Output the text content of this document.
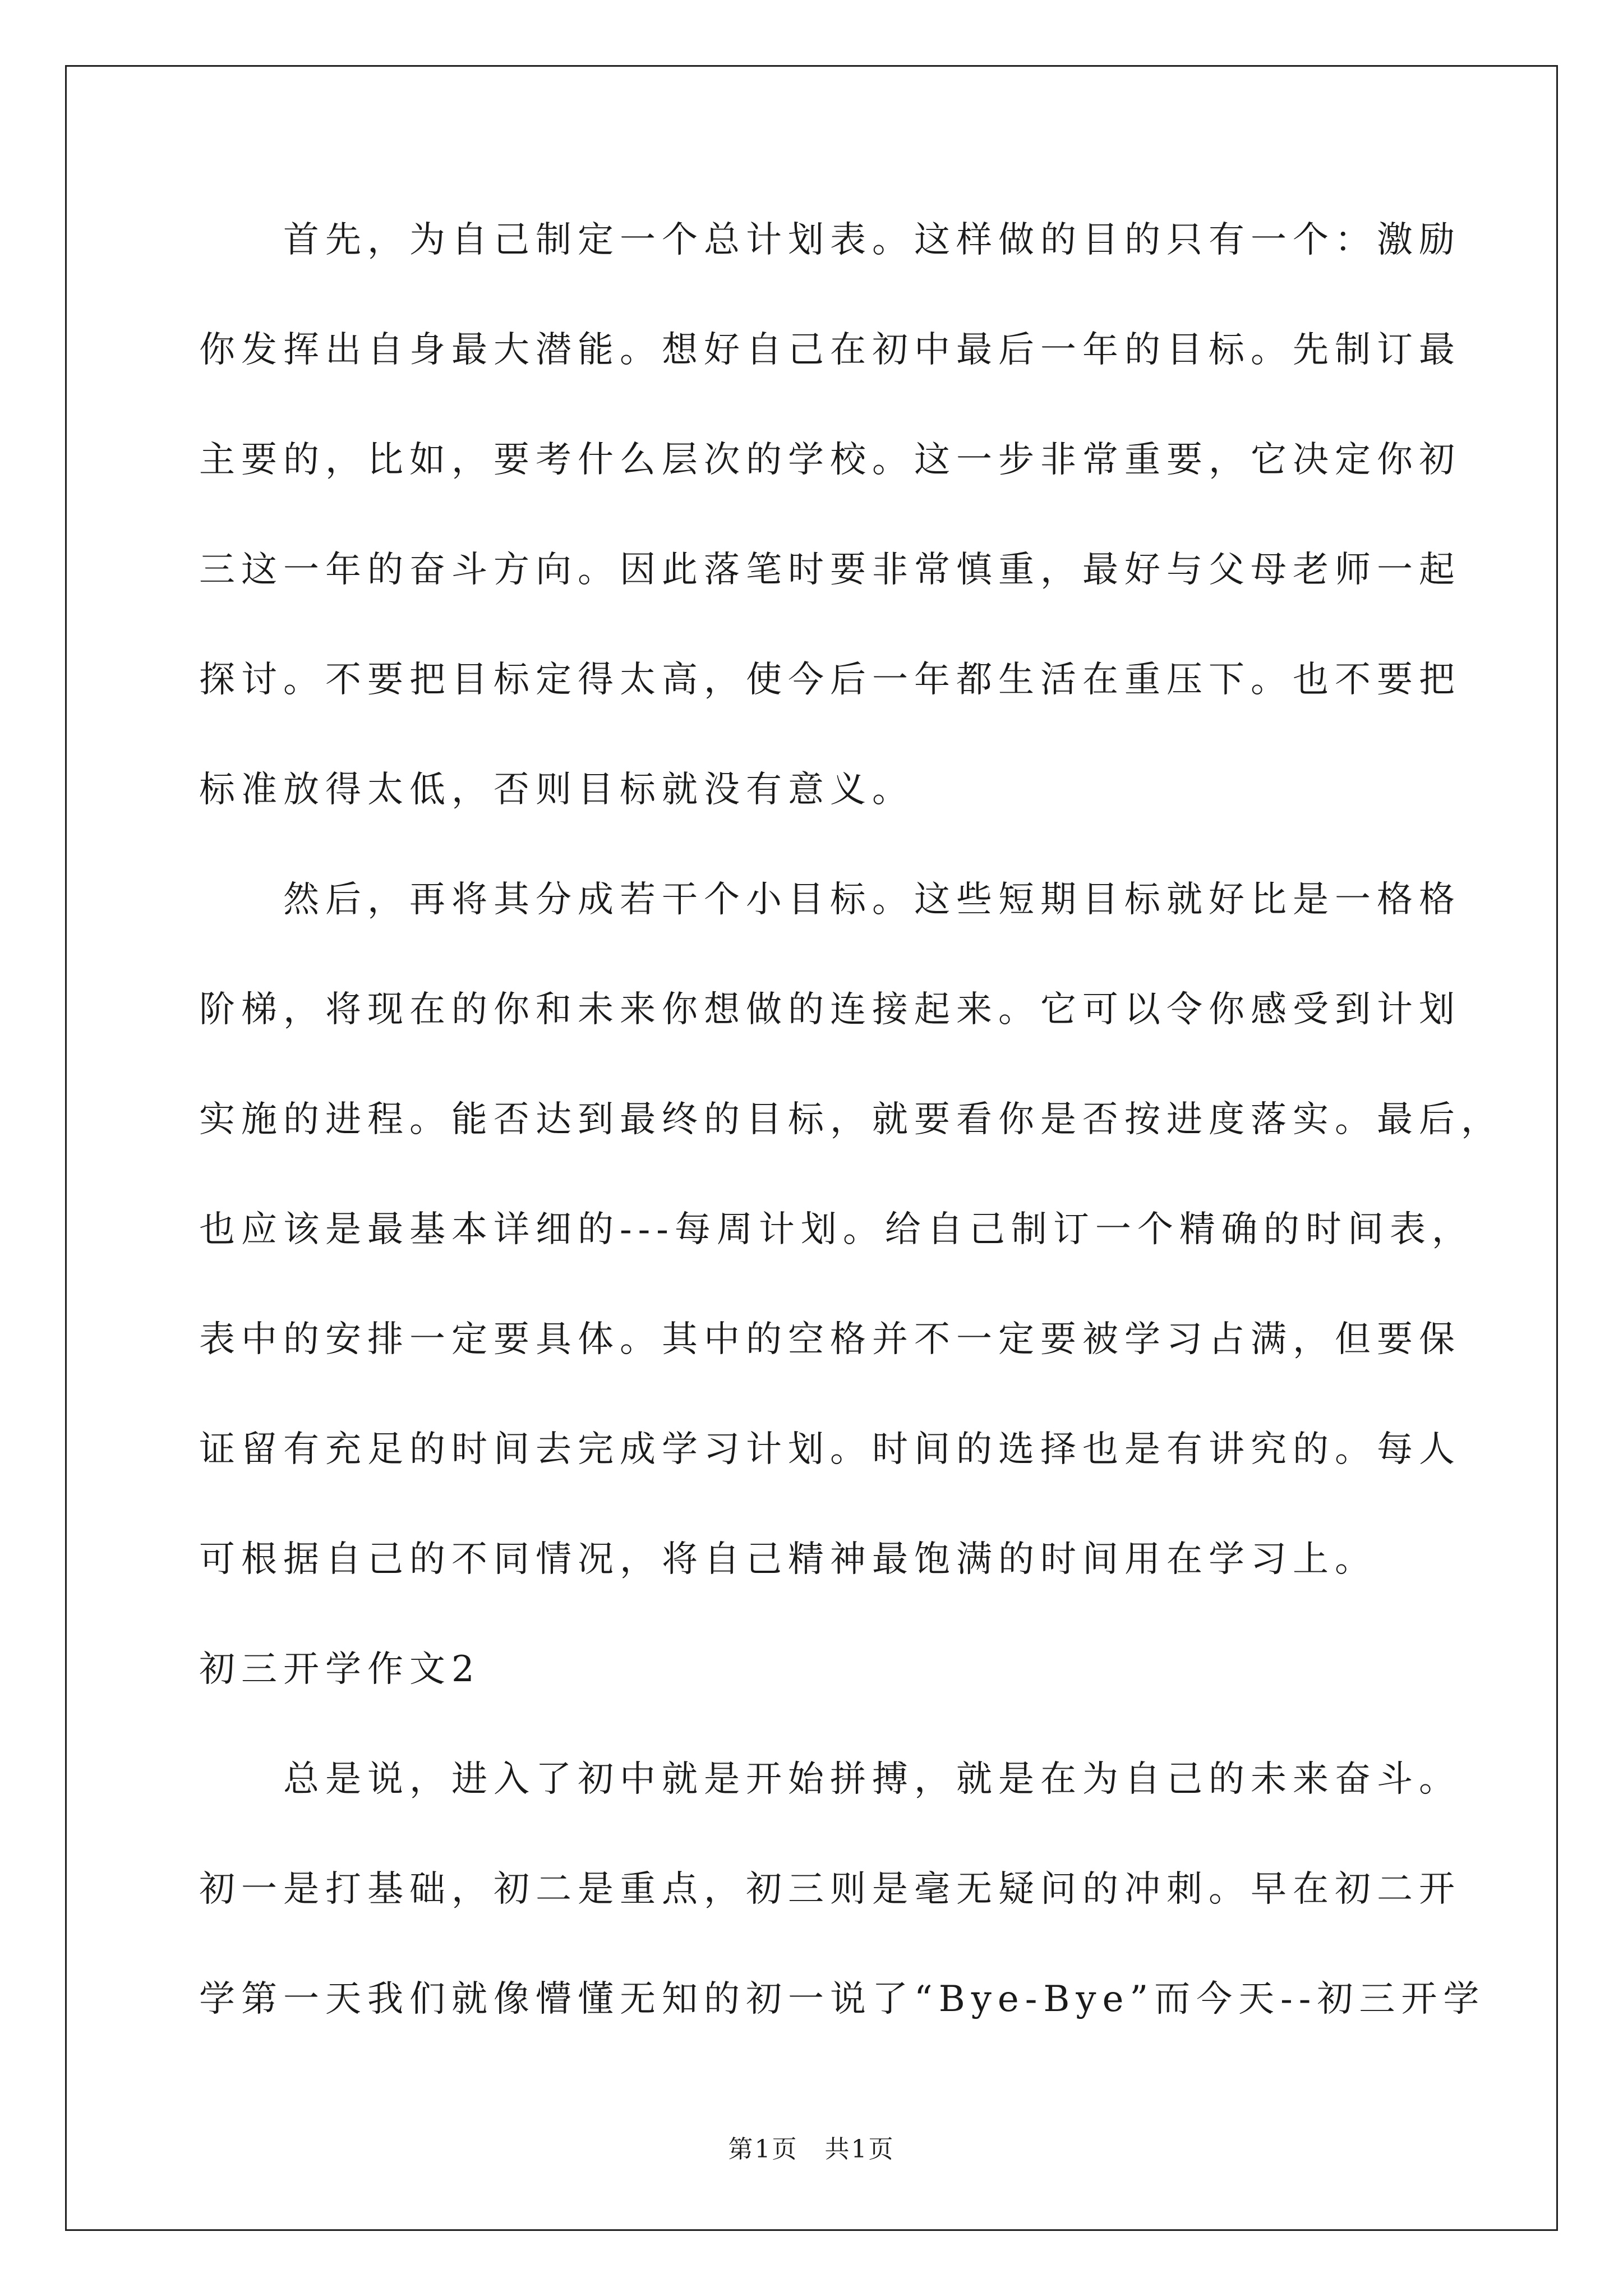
首先，为自己制定一个总计划表。这样做的目的只有一个：激励
你发挥出自身最大潜能。想好自己在初中最后一年的目标。先制订最
主要的，比如，要考什么层次的学校。这一步非常重要，它决定你初
三这一年的奋斗方向。因此落笔时要非常慎重，最好与父母老师一起
探讨。不要把目标定得太高，使今后一年都生活在重压下。也不要把
标准放得太低，否则目标就没有意义。
然后，再将其分成若干个小目标。这些短期目标就好比是一格格
阶梯，将现在的你和未来你想做的连接起来。它可以令你感受到计划
实施的进程。能否达到最终的目标，就要看你是否按进度落实。最后，
也应该是最基本详细的---每周计划。给自己制订一个精确的时间表，
表中的安排一定要具体。其中的空格并不一定要被学习占满，但要保
证留有充足的时间去完成学习计划。时间的选择也是有讲究的。每人
可根据自己的不同情况，将自己精神最饱满的时间用在学习上。
初三开学作文2
总是说，进入了初中就是开始拼搏，就是在为自己的未来奋斗。
初一是打基础，初二是重点，初三则是毫无疑问的冲刺。早在初二开
学第一天我们就像懵懂无知的初一说了“Bye-Bye”而今天--初三开学
第1页　共1页
